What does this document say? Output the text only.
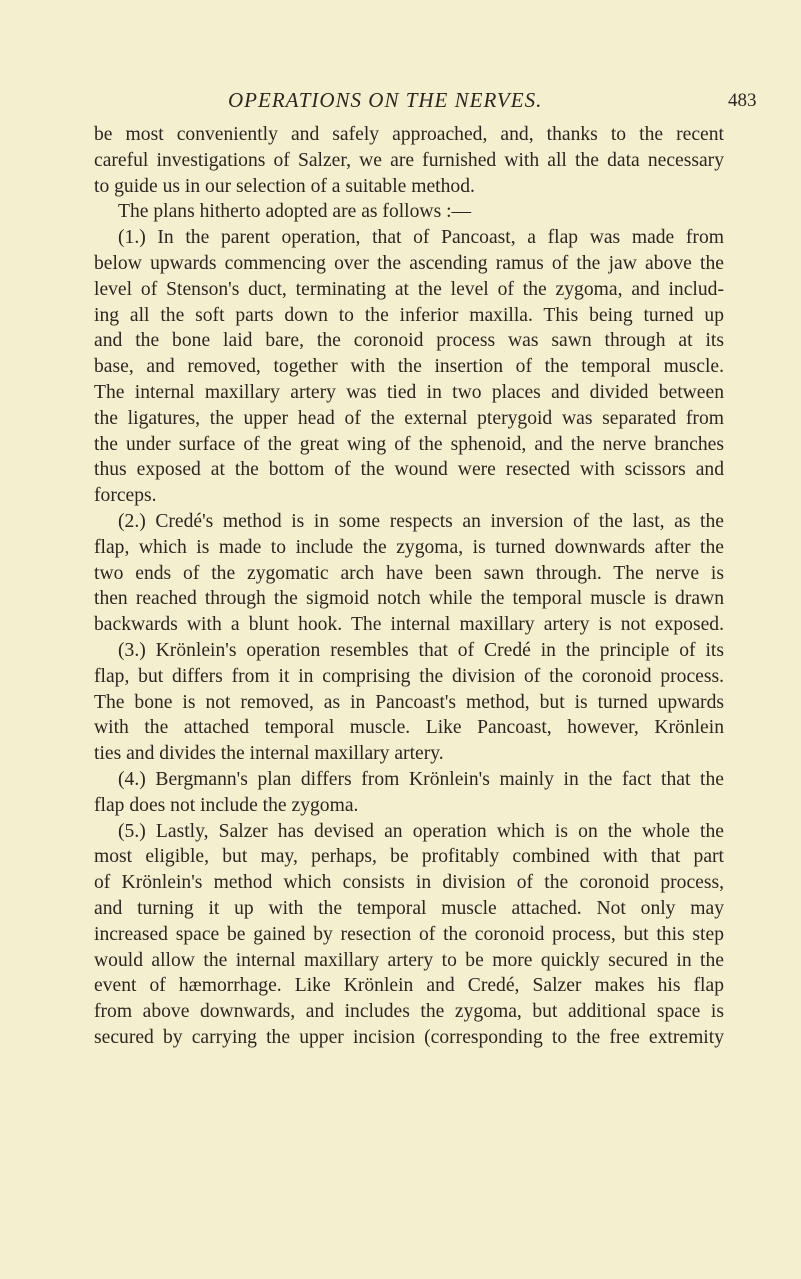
OPERATIONS ON THE NERVES.	483
be most conveniently and safely approached, and, thanks to the recent
careful investigations of Salzer, we are furnished with all the data necessary
to guide us in our selection of a suitable method.
The plans hitherto adopted are as follows :—
(1.) In the parent operation, that of Pancoast, a flap was made from
below upwards commencing over the ascending ramus of the jaw above the
level of Stenson's duct, terminating at the level of the zygoma, and includ-
ing all the soft parts down to the inferior maxilla. This being turned up
and the bone laid bare, the coronoid process was sawn through at its
base, and removed, together with the insertion of the temporal muscle.
The internal maxillary artery was tied in two places and divided between
the ligatures, the upper head of the external pterygoid was separated from
the under surface of the great wing of the sphenoid, and the nerve branches
thus exposed at the bottom of the wound were resected with scissors and
forceps.
(2.) Credé's method is in some respects an inversion of the last, as the
flap, which is made to include the zygoma, is turned downwards after the
two ends of the zygomatic arch have been sawn through. The nerve is
then reached through the sigmoid notch while the temporal muscle is drawn
backwards with a blunt hook. The internal maxillary artery is not exposed.
(3.) Krönlein's operation resembles that of Credé in the principle of its
flap, but differs from it in comprising the division of the coronoid process.
The bone is not removed, as in Pancoast's method, but is turned upwards
with the attached temporal muscle. Like Pancoast, however, Krönlein
ties and divides the internal maxillary artery.
(4.) Bergmann's plan differs from Krönlein's mainly in the fact that the
flap does not include the zygoma.
(5.) Lastly, Salzer has devised an operation which is on the whole the
most eligible, but may, perhaps, be profitably combined with that part
of Krönlein's method which consists in division of the coronoid process,
and turning it up with the temporal muscle attached. Not only may
increased space be gained by resection of the coronoid process, but this step
would allow the internal maxillary artery to be more quickly secured in the
event of hæmorrhage. Like Krönlein and Credé, Salzer makes his flap
from above downwards, and includes the zygoma, but additional space is
secured by carrying the upper incision (corresponding to the free extremity
